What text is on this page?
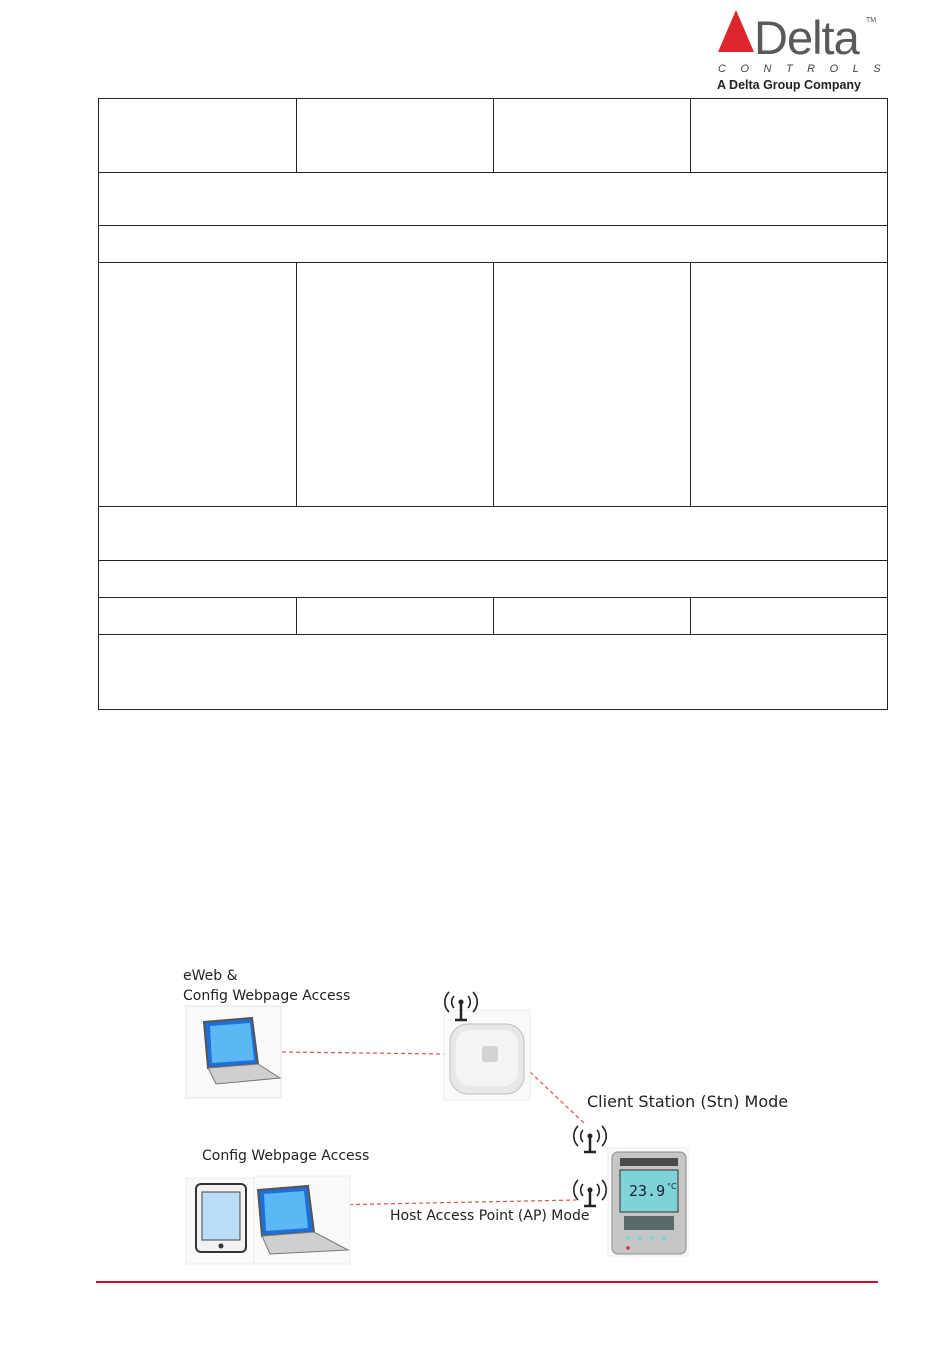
Delta TM
CONTROLS
A Delta Group Company
23.9 °C
eWeb &
Config Webpage Access
Config Webpage Access
Client Station (Stn) Mode
Host Access Point (AP) Mode
